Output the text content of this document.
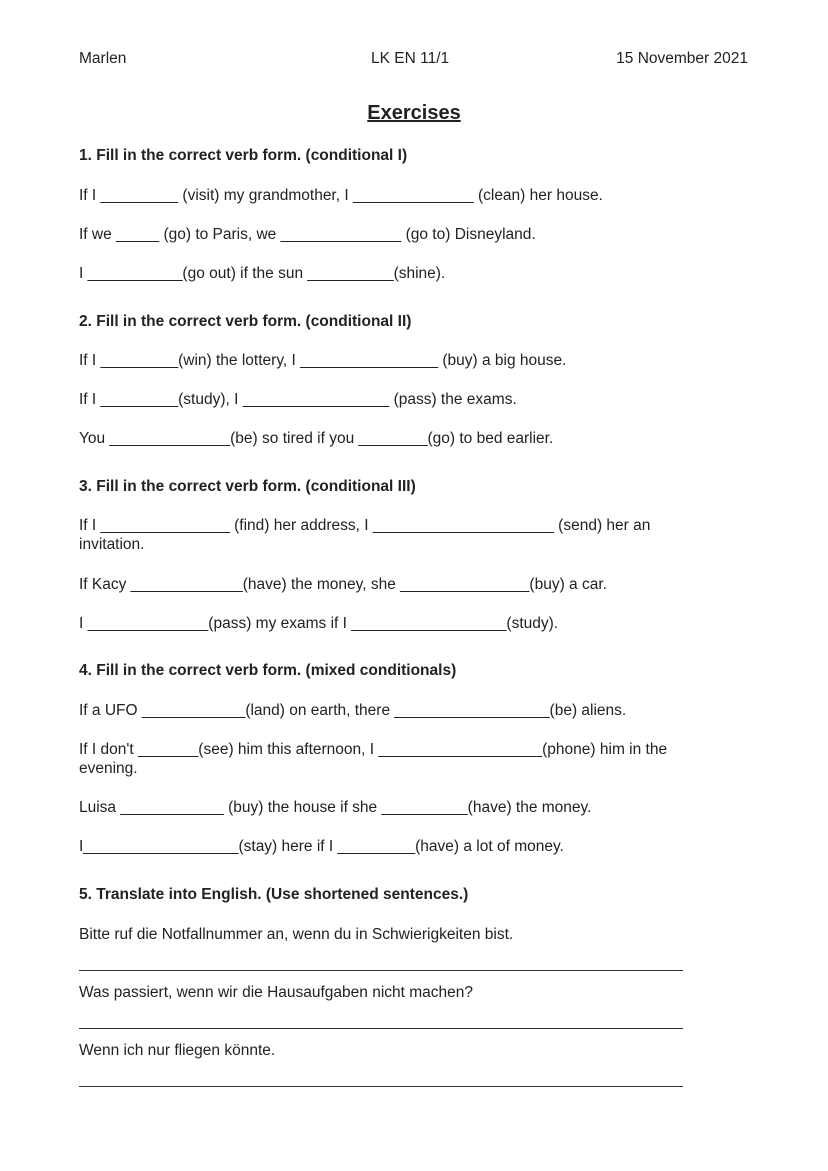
Marlen	LK EN 11/1	15 November 2021
Exercises
1. Fill in the correct verb form. (conditional I)
If I _________ (visit) my grandmother, I ______________ (clean) her house.
If we _____ (go) to Paris, we ______________ (go to) Disneyland.
I ___________(go out) if the sun __________(shine).
2. Fill in the correct verb form. (conditional II)
If I _________(win) the lottery, I ________________ (buy) a big house.
If I _________(study), I _________________ (pass) the exams.
You ______________(be) so tired if you ________(go) to bed earlier.
3. Fill in the correct verb form. (conditional III)
If I _______________ (find) her address, I _____________________ (send) her an
invitation.
If Kacy _____________(have) the money, she _______________(buy) a car.
I ______________(pass) my exams if I __________________(study).
4. Fill in the correct verb form. (mixed conditionals)
If a UFO ____________(land) on earth, there __________________(be) aliens.
If I don't _______(see) him this afternoon, I ___________________(phone) him in the
evening.
Luisa ____________ (buy) the house if she __________(have) the money.
I__________________(stay) here if I _________(have) a lot of money.
5. Translate into English. (Use shortened sentences.)
Bitte ruf die Notfallnummer an, wenn du in Schwierigkeiten bist.
Was passiert, wenn wir die Hausaufgaben nicht machen?
Wenn ich nur fliegen könnte.
